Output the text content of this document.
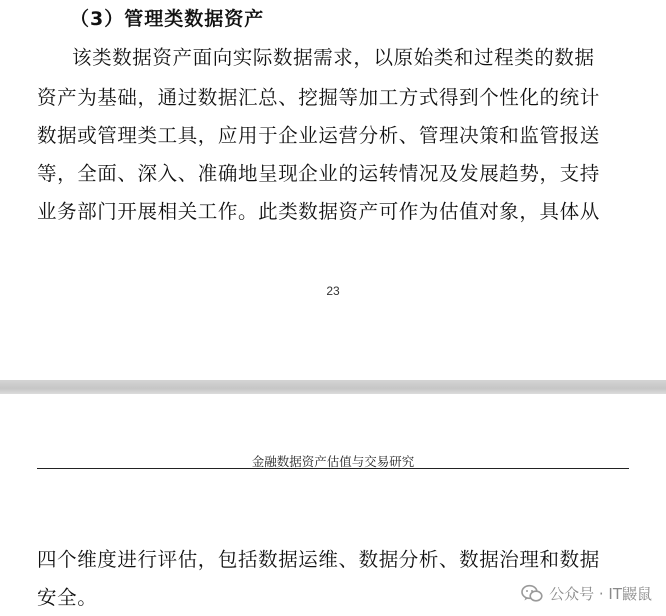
（3）管理类数据资产
该类数据资产面向实际数据需求，以原始类和过程类的数据
资产为基础，通过数据汇总、挖掘等加工方式得到个性化的统计
数据或管理类工具，应用于企业运营分析、管理决策和监管报送
等，全面、深入、准确地呈现企业的运转情况及发展趋势，支持
业务部门开展相关工作。此类数据资产可作为估值对象，具体从
23
金融数据资产估值与交易研究
四个维度进行评估，包括数据运维、数据分析、数据治理和数据
安全。	公众号 · IT鼹鼠
